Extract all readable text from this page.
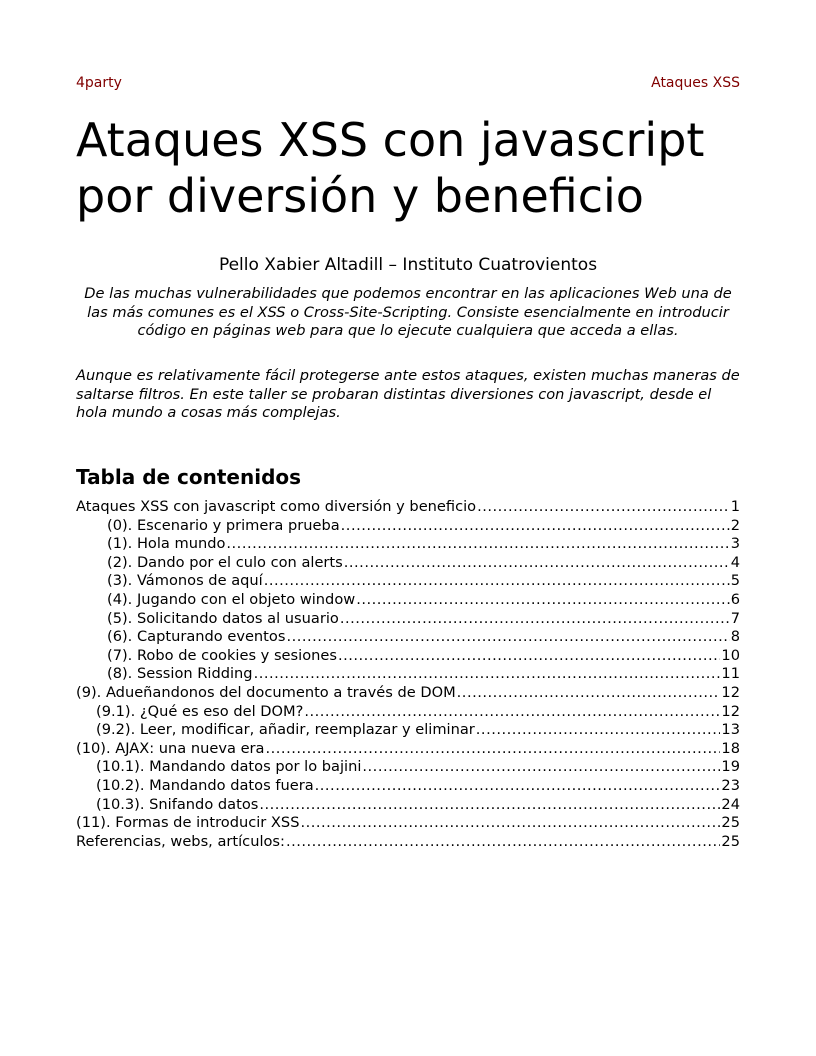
4party	Ataques XSS
Ataques XSS con javascript por diversión y beneficio
Pello Xabier Altadill – Instituto Cuatrovientos

De las muchas vulnerabilidades que podemos encontrar en las aplicaciones Web una de las más comunes es el XSS o Cross-Site-Scripting. Consiste esencialmente en introducir código en páginas web para que lo ejecute cualquiera que acceda a ellas.

Aunque es relativamente fácil protegerse ante estos ataques, existen muchas maneras de saltarse filtros. En este taller se probaran distintas diversiones con javascript, desde el hola mundo a cosas más complejas.

Tabla de contenidos
Ataques XSS con javascript como diversión y beneficio .....	1
(0). Escenario y primera prueba .....	2
(1). Hola mundo .....	3
(2). Dando por el culo con alerts .....	4
(3). Vámonos de aquí .....	5
(4). Jugando con el objeto window .....	6
(5). Solicitando datos al usuario .....	7
(6). Capturando eventos .....	8
(7). Robo de cookies y sesiones .....	10
(8). Session Ridding .....	11
(9). Adueñandonos del documento a través de DOM .....	12
(9.1). ¿Qué es eso del DOM? .....	12
(9.2). Leer, modificar, añadir, reemplazar y eliminar .....	13
(10). AJAX: una nueva era .....	18
(10.1). Mandando datos por lo bajini .....	19
(10.2). Mandando datos fuera .....	23
(10.3). Snifando datos .....	24
(11). Formas de introducir XSS .....	25
Referencias, webs, artículos: .....	25
